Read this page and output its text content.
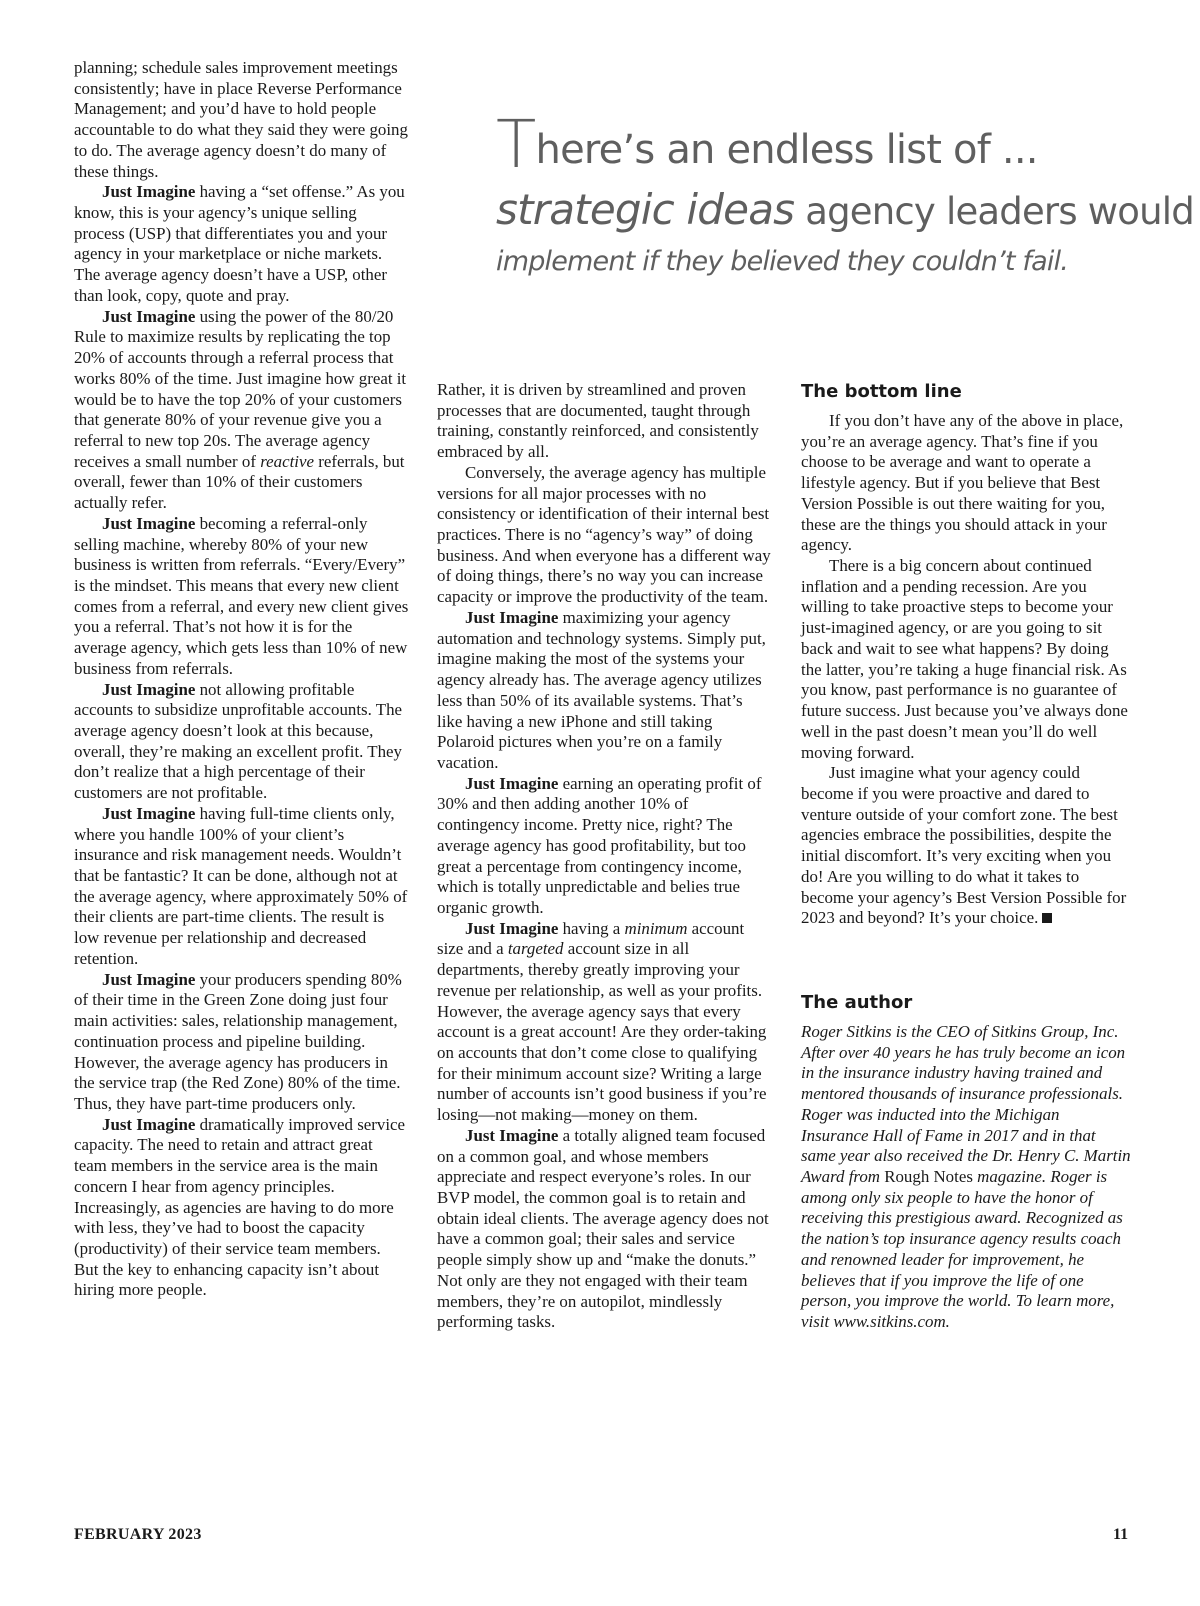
planning; schedule sales improvement meetings consistently; have in place Reverse Performance Management; and you’d have to hold people accountable to do what they said they were going to do. The average agency doesn’t do many of these things.

Just Imagine having a “set offense.” As you know, this is your agency’s unique selling process (USP) that differentiates you and your agency in your marketplace or niche markets. The average agency doesn’t have a USP, other than look, copy, quote and pray.

Just Imagine using the power of the 80/20 Rule to maximize results by replicating the top 20% of accounts through a referral process that works 80% of the time. Just imagine how great it would be to have the top 20% of your customers that generate 80% of your revenue give you a referral to new top 20s. The average agency receives a small number of reactive referrals, but overall, fewer than 10% of their customers actually refer.

Just Imagine becoming a referral-only selling machine, whereby 80% of your new business is written from referrals. “Every/Every” is the mindset. This means that every new client comes from a referral, and every new client gives you a referral. That’s not how it is for the average agency, which gets less than 10% of new business from referrals.

Just Imagine not allowing profitable accounts to subsidize unprofitable accounts. The average agency doesn’t look at this because, overall, they’re making an excellent profit. They don’t realize that a high percentage of their customers are not profitable.

Just Imagine having full-time clients only, where you handle 100% of your client’s insurance and risk management needs. Wouldn’t that be fantastic? It can be done, although not at the average agency, where approximately 50% of their clients are part-time clients. The result is low revenue per relationship and decreased retention.

Just Imagine your producers spending 80% of their time in the Green Zone doing just four main activities: sales, relationship management, continuation process and pipeline building. However, the average agency has producers in the service trap (the Red Zone) 80% of the time. Thus, they have part-time producers only.

Just Imagine dramatically improved service capacity. The need to retain and attract great team members in the service area is the main concern I hear from agency principles. Increasingly, as agencies are having to do more with less, they’ve had to boost the capacity (productivity) of their service team members. But the key to enhancing capacity isn’t about hiring more people.

There’s an endless list of ...
strategic ideas agency leaders would
implement if they believed they couldn’t fail.

Rather, it is driven by streamlined and proven processes that are documented, taught through training, constantly reinforced, and consistently embraced by all.

Conversely, the average agency has multiple versions for all major processes with no consistency or identification of their internal best practices. There is no “agency’s way” of doing business. And when everyone has a different way of doing things, there’s no way you can increase capacity or improve the productivity of the team.

Just Imagine maximizing your agency automation and technology systems. Simply put, imagine making the most of the systems your agency already has. The average agency utilizes less than 50% of its available systems. That’s like having a new iPhone and still taking Polaroid pictures when you’re on a family vacation.

Just Imagine earning an operating profit of 30% and then adding another 10% of contingency income. Pretty nice, right? The average agency has good profitability, but too great a percentage from contingency income, which is totally unpredictable and belies true organic growth.

Just Imagine having a minimum account size and a targeted account size in all departments, thereby greatly improving your revenue per relationship, as well as your profits. However, the average agency says that every account is a great account! Are they order-taking on accounts that don’t come close to qualifying for their minimum account size? Writing a large number of accounts isn’t good business if you’re losing—not making—money on them.

Just Imagine a totally aligned team focused on a common goal, and whose members appreciate and respect everyone’s roles. In our BVP model, the common goal is to retain and obtain ideal clients. The average agency does not have a common goal; their sales and service people simply show up and “make the donuts.” Not only are they not engaged with their team members, they’re on autopilot, mindlessly performing tasks.

The bottom line

If you don’t have any of the above in place, you’re an average agency. That’s fine if you choose to be average and want to operate a lifestyle agency. But if you believe that Best Version Possible is out there waiting for you, these are the things you should attack in your agency.

There is a big concern about continued inflation and a pending recession. Are you willing to take proactive steps to become your just-imagined agency, or are you going to sit back and wait to see what happens? By doing the latter, you’re taking a huge financial risk. As you know, past performance is no guarantee of future success. Just because you’ve always done well in the past doesn’t mean you’ll do well moving forward.

Just imagine what your agency could become if you were proactive and dared to venture outside of your comfort zone. The best agencies embrace the possibilities, despite the initial discomfort. It’s very exciting when you do! Are you willing to do what it takes to become your agency’s Best Version Possible for 2023 and beyond? It’s your choice.

The author

Roger Sitkins is the CEO of Sitkins Group, Inc. After over 40 years he has truly become an icon in the insurance industry having trained and mentored thousands of insurance professionals. Roger was inducted into the Michigan Insurance Hall of Fame in 2017 and in that same year also received the Dr. Henry C. Martin Award from Rough Notes magazine. Roger is among only six people to have the honor of receiving this prestigious award. Recognized as the nation’s top insurance agency results coach and renowned leader for improvement, he believes that if you improve the life of one person, you improve the world. To learn more, visit www.sitkins.com.

FEBRUARY 2023	11
